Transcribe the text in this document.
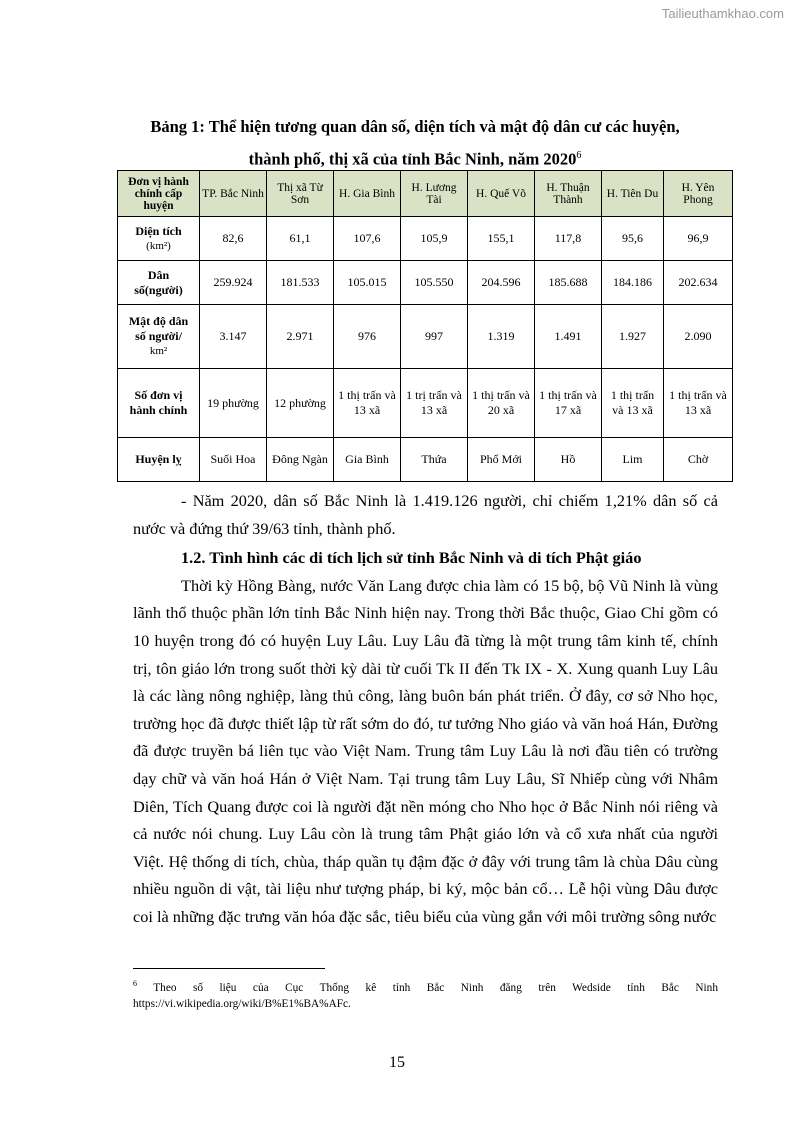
Tailieuthamkhao.com
Bảng 1: Thể hiện tương quan dân số, diện tích và mật độ dân cư các huyện,
thành phố, thị xã của tỉnh Bắc Ninh, năm 2020$^6$
Đơn vị hành chính cấp huyện	TP. Bắc Ninh	Thị xã Từ Sơn	H. Gia Bình	H. Lương Tài	H. Quế Võ	H. Thuận Thành	H. Tiên Du	H. Yên Phong

Diện tích
(km²)	82,6	61,1	107,6	105,9	155,1	117,8	95,6	96,9

Dân
số(người)	259.924	181.533	105.015	105.550	204.596	185.688	184.186	202.634

Mật độ dân
số người/
km²	3.147	2.971	976	997	1.319	1.491	1.927	2.090

Số đơn vị
hành chính	19 phường	12 phường	1 thị trấn và 13 xã	1 trị trấn và 13 xã	1 thị trấn và 20 xã	1 thị trấn và 17 xã	1 thị trấn và 13 xã	1 thị trấn và 13 xã
Huyện lỵ	Suối Hoa	Đông Ngàn	Gia Bình	Thứa	Phố Mới	Hồ	Lim	Chờ

- Năm 2020, dân số Bắc Ninh là 1.419.126 người, chỉ chiếm 1,21% dân số cả nước và đứng thứ 39/63 tỉnh, thành phố.

1.2. Tình hình các di tích lịch sử tỉnh Bắc Ninh và di tích Phật giáo

Thời kỳ Hồng Bàng, nước Văn Lang được chia làm có 15 bộ, bộ Vũ Ninh là vùng lãnh thổ thuộc phần lớn tỉnh Bắc Ninh hiện nay. Trong thời Bắc thuộc, Giao Chỉ gồm có 10 huyện trong đó có huyện Luy Lâu. Luy Lâu đã từng là một trung tâm kinh tế, chính trị, tôn giáo lớn trong suốt thời kỳ dài từ cuối Tk II đến Tk IX - X. Xung quanh Luy Lâu là các làng nông nghiệp, làng thủ công, làng buôn bán phát triển. Ở đây, cơ sở Nho học, trường học đã được thiết lập từ rất sớm do đó, tư tưởng Nho giáo và văn hoá Hán, Đường đã được truyền bá liên tục vào Việt Nam. Trung tâm Luy Lâu là nơi đầu tiên có trường dạy chữ và văn hoá Hán ở Việt Nam. Tại trung tâm Luy Lâu, Sĩ Nhiếp cùng với Nhâm Diên, Tích Quang được coi là người đặt nền móng cho Nho học ở Bắc Ninh nói riêng và cả nước nói chung. Luy Lâu còn là trung tâm Phật giáo lớn và cổ xưa nhất của người Việt. Hệ thống di tích, chùa, tháp quần tụ đậm đặc ở đây với trung tâm là chùa Dâu cùng nhiều nguồn di vật, tài liệu như tượng pháp, bi ký, mộc bản cổ… Lễ hội vùng Dâu được coi là những đặc trưng văn hóa đặc sắc, tiêu biểu của vùng gắn với môi trường sông nước

$^6$ Theo số liệu của Cục Thống kê tỉnh Bắc Ninh đăng trên Wedside tỉnh Bắc Ninh https://vi.wikipedia.org/wiki/B%E1%BA%AFc.
15
